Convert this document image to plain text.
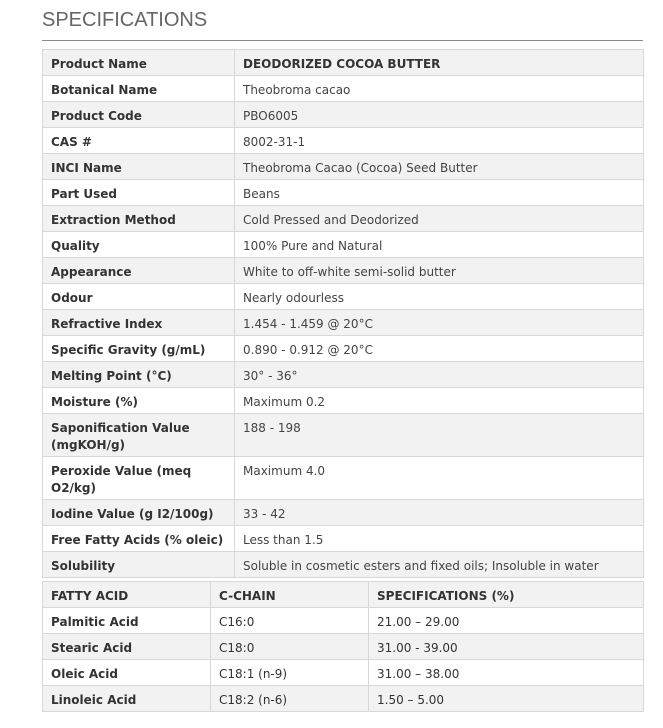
SPECIFICATIONS
Product Name	DEODORIZED COCOA BUTTER
Botanical Name	Theobroma cacao
Product Code	PBO6005
CAS #	8002-31-1
INCI Name	Theobroma Cacao (Cocoa) Seed Butter
Part Used	Beans
Extraction Method	Cold Pressed and Deodorized
Quality	100% Pure and Natural
Appearance	White to off-white semi-solid butter
Odour	Nearly odourless
Refractive Index	1.454 - 1.459 @ 20°C
Specific Gravity (g/mL)	0.890 - 0.912 @ 20°C
Melting Point (°C)	30° - 36°
Moisture (%)	Maximum 0.2
Saponification Value (mgKOH/g)	188 - 198
Peroxide Value (meq O2/kg)	Maximum 4.0
Iodine Value (g I2/100g)	33 - 42
Free Fatty Acids (% oleic)	Less than 1.5
Solubility	Soluble in cosmetic esters and fixed oils; Insoluble in water
FATTY ACID	C-CHAIN	SPECIFICATIONS (%)
Palmitic Acid	C16:0	21.00 – 29.00
Stearic Acid	C18:0	31.00 - 39.00
Oleic Acid	C18:1 (n-9)	31.00 – 38.00
Linoleic Acid	C18:2 (n-6)	1.50 – 5.00
